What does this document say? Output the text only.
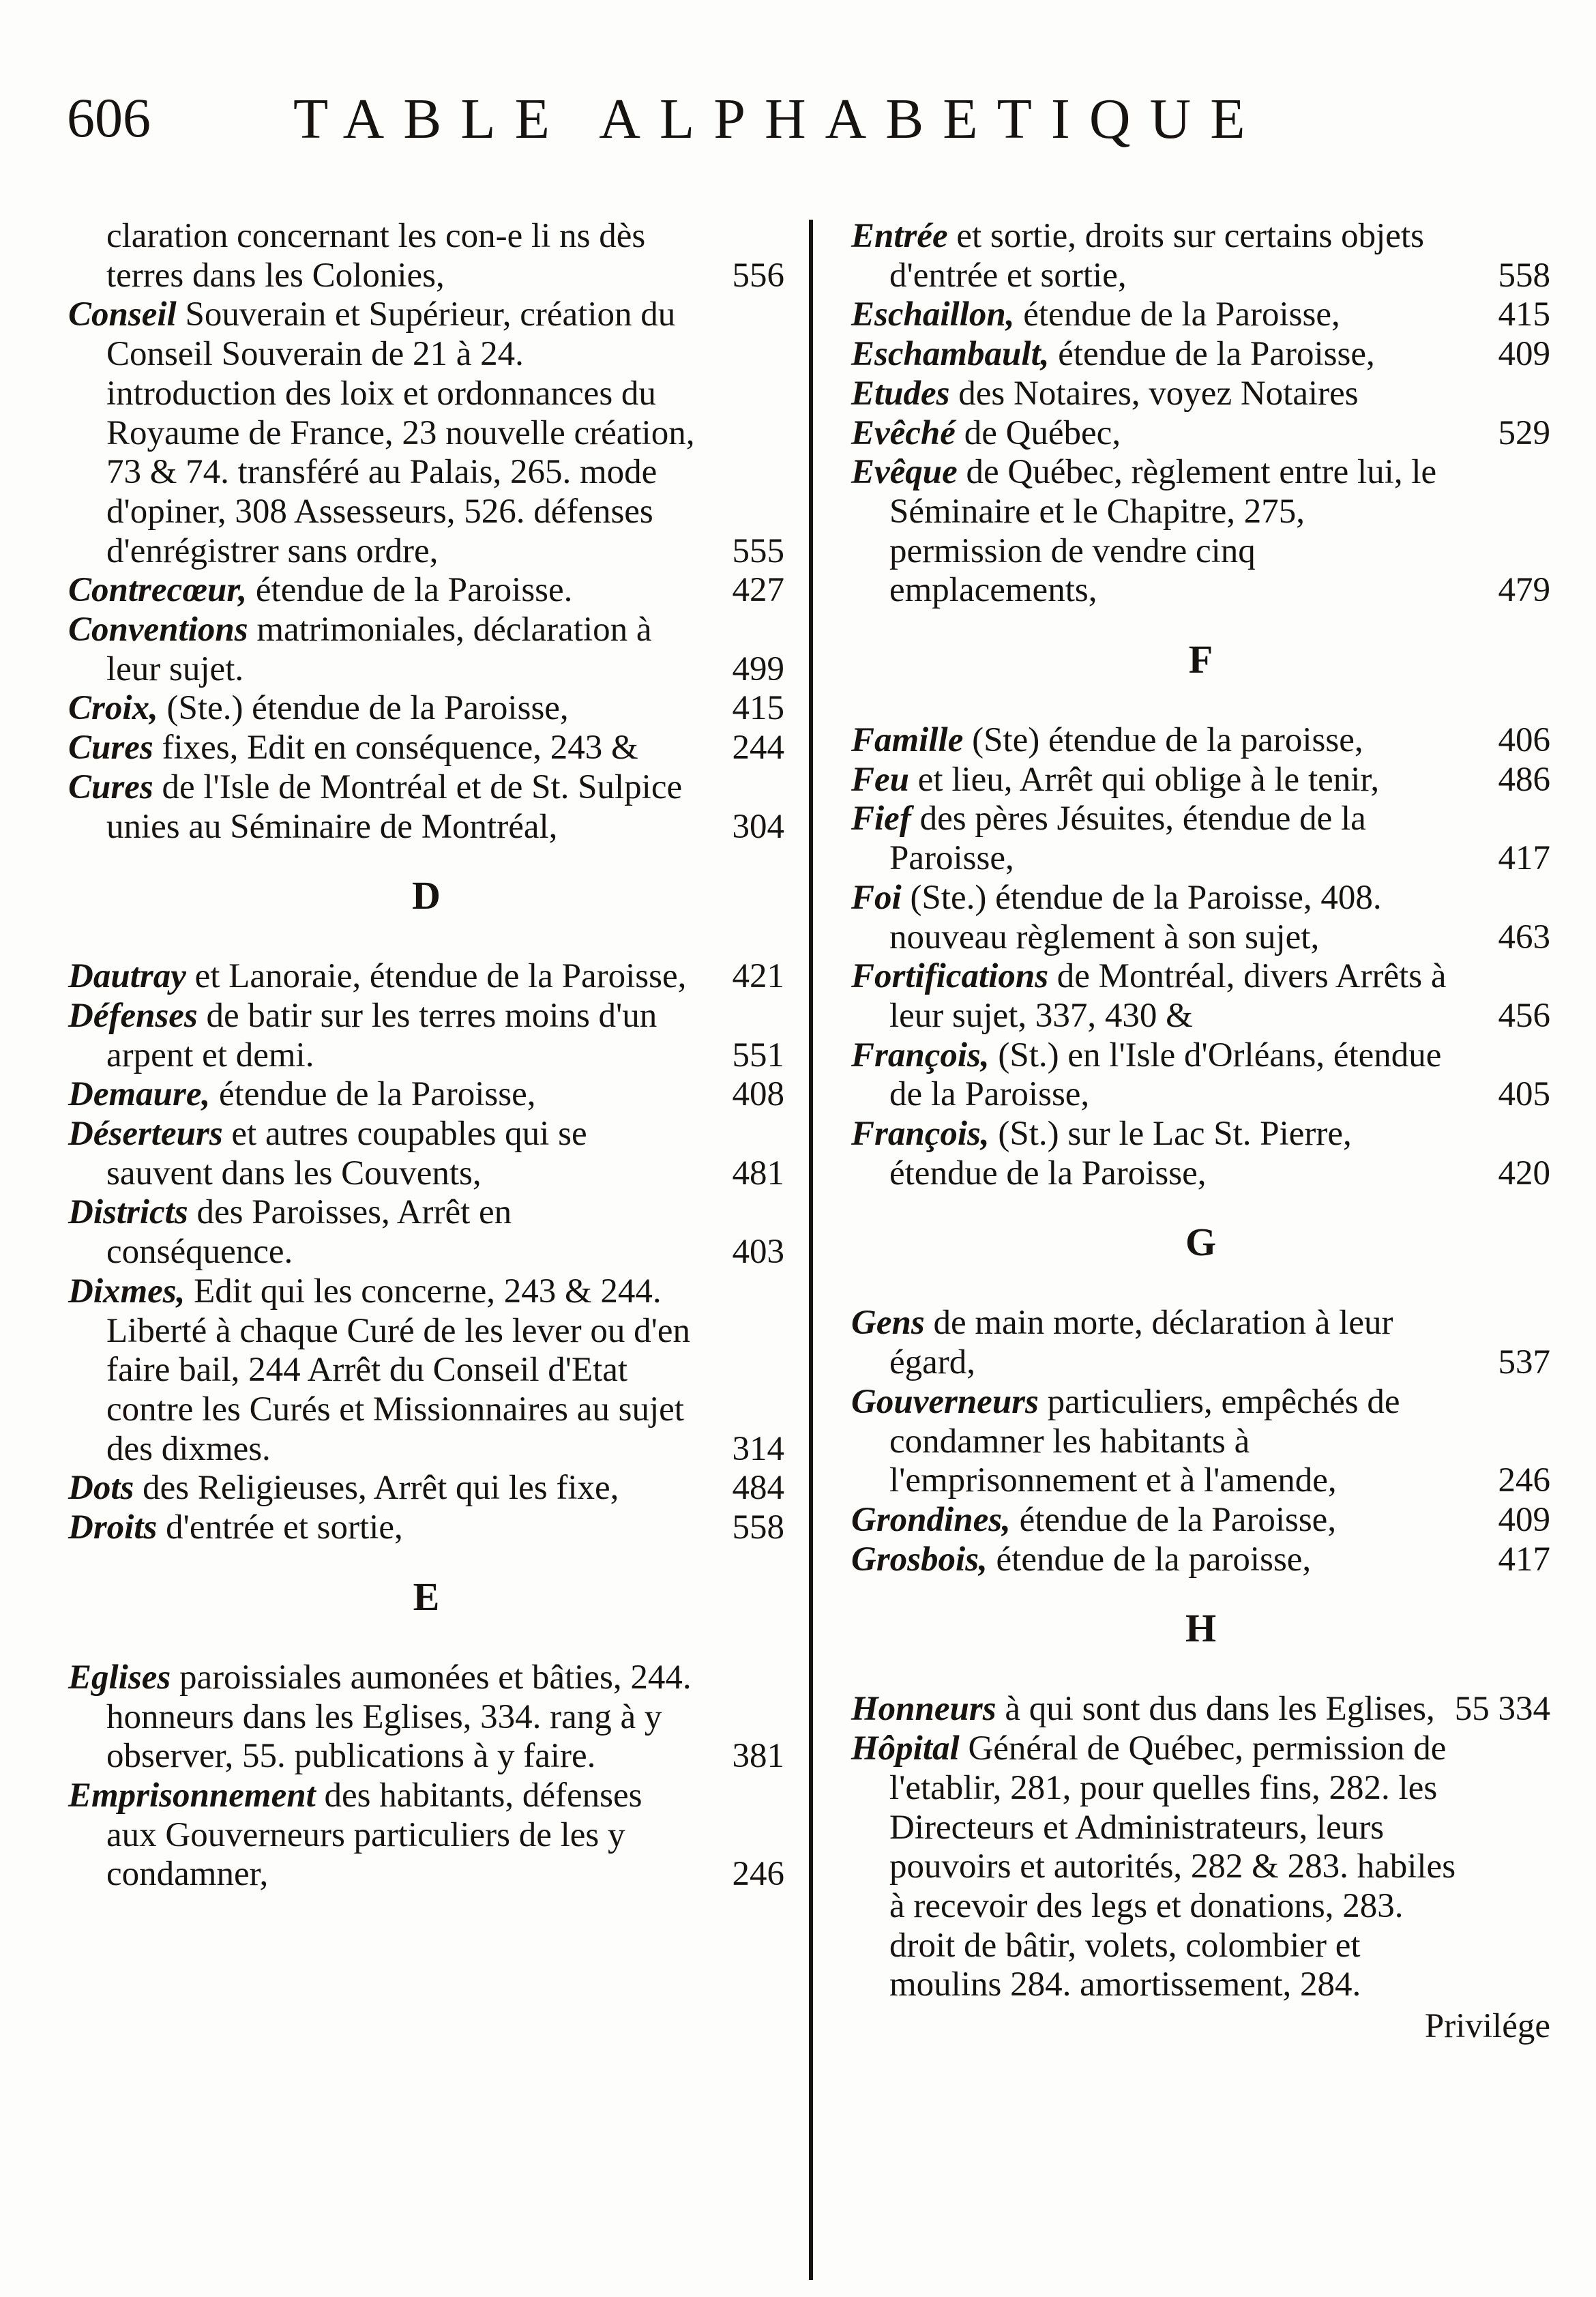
606 TABLE ALPHABETIQUE
claration concernant les con-e li ns dès terres dans les Colonies,	556
Conseil Souverain et Supérieur, création du Conseil Souverain de 21 à 24. introduction des loix et ordonnances du Royaume de France, 23 nouvelle création, 73 & 74. transféré au Palais, 265. mode d'opiner, 308 Assesseurs, 526. défenses d'enrégistrer sans ordre,	555
Contrecœur, étendue de la Paroisse.	427
Conventions matrimoniales, déclaration à leur sujet.	499
Croix, (Ste.) étendue de la Paroisse,	415
Cures fixes, Edit en conséquence, 243 &	244
Cures de l'Isle de Montréal et de St. Sulpice unies au Séminaire de Montréal,	304
D
Dautray et Lanoraie, étendue de la Paroisse, 421
Défenses de batir sur les terres moins d'un arpent et demi.	551
Demaure, étendue de la Paroisse,	408
Déserteurs et autres coupables qui se sauvent dans les Couvents,	481
Districts des Paroisses, Arrêt en conséquence.	403
Dixmes, Edit qui les concerne, 243 & 244. Liberté à chaque Curé de les lever ou d'en faire bail, 244 Arrêt du Conseil d'Etat contre les Curés et Missionnaires au sujet des dixmes.	314
Dots des Religieuses, Arrêt qui les fixe,	484
Droits d'entrée et sortie,	558
E
Eglises paroissiales aumonées et bâties, 244. honneurs dans les Eglises, 334. rang à y observer, 55. publications à y faire.	381
Emprisonnement des habitants, défenses aux Gouverneurs particuliers de les y condamner,	246
Entrée et sortie, droits sur certains objets d'entrée et sortie,	558
Eschaillon, étendue de la Paroisse,	415
Eschambault, étendue de la Paroisse,	409
Etudes des Notaires, voyez Notaires
Evêché de Québec,	529
Evêque de Québec, règlement entre lui, le Séminaire et le Chapitre, 275, permission de vendre cinq emplacements,	479
F
Famille (Ste) étendue de la paroisse,	406
Feu et lieu, Arrêt qui oblige à le tenir,	486
Fief des pères Jésuites, étendue de la Paroisse,	417
Foi (Ste.) étendue de la Paroisse, 408. nouveau règlement à son sujet,	463
Fortifications de Montréal, divers Arrêts à leur sujet, 337, 430 &	456
François, (St.) en l'Isle d'Orléans, étendue de la Paroisse,	405
François, (St.) sur le Lac St. Pierre, étendue de la Paroisse,	420
G
Gens de main morte, déclaration à leur égard,	537
Gouverneurs particuliers, empêchés de condamner les habitants à l'emprisonnement et à l'amende,	246
Grondines, étendue de la Paroisse,	409
Grosbois, étendue de la paroisse,	417
H
Honneurs à qui sont dus dans les Eglises, 55 334
Hôpital Général de Québec, permission de l'etablir, 281, pour quelles fins, 282. les Directeurs et Administrateurs, leurs pouvoirs et autorités, 282 & 283. habiles à recevoir des legs et donations, 283. droit de bâtir, volets, colombier et moulins 284. amortissement, 284.
Privilége
